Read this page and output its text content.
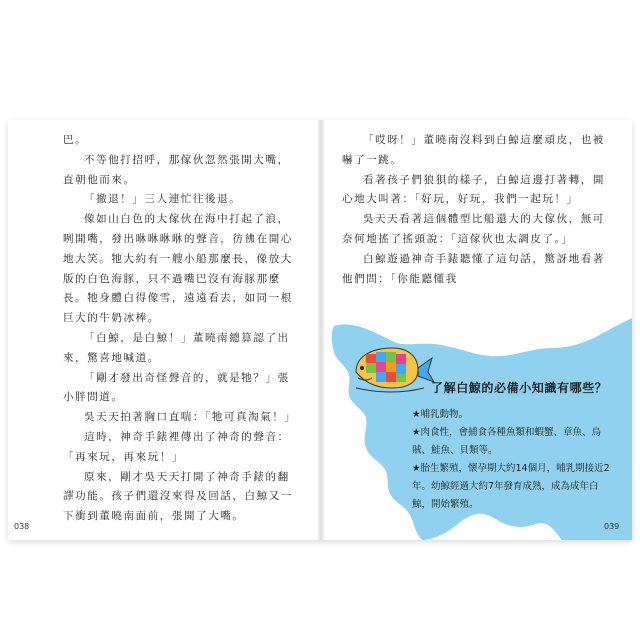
巴。

不等他打招呼，那傢伙忽然張開大嘴，直朝他而來。

「撤退！」三人連忙往後退。

像如山白色的大傢伙在海中打起了浪，咧開嘴，發出咻咻咻咻的聲音，彷彿在開心地大笑。牠大約有一艘小船那麼長，像放大版的白色海豚，只不過嘴巴沒有海豚那麼長。牠身體白得像雪，遠遠看去，如同一根巨大的牛奶冰棒。

「白鯨，是白鯨！」董曉南總算認了出來，驚喜地喊道。

「剛才發出奇怪聲音的，就是牠？」張小胖問道。

吳天天拍著胸口直喘：「牠可真淘氣！」

這時，神奇手錶裡傳出了神奇的聲音：「再來玩，再來玩！」

原來，剛才吳天天打開了神奇手錶的翻譯功能。孩子們還沒來得及回話，白鯨又一下衝到董曉南面前，張開了大嘴。

038

「哎呀！」董曉南沒料到白鯨這麼頑皮，也被嚇了一跳。

看著孩子們狼狽的樣子，白鯨這邊打著轉，開心地大叫著：「好玩，好玩，我們一起玩！」

吳天天看著這個體型比船還大的大傢伙，無可奈何地搖了搖頭說：「這傢伙也太調皮了。」

白鯨遊過神奇手錶聽懂了這句話，驚訝地看著他們問：「你能聽懂我

了解白鯨的必備小知識有哪些？

★哺乳動物。

★肉食性，會捕食各種魚類和蝦蟹、章魚、烏賊、鮭魚、貝類等。

★胎生繁殖，懷孕期大約14個月，哺乳期接近2年。幼鯨經過大約7年發育成熟，成為成年白鯨，開始繁殖。

039
